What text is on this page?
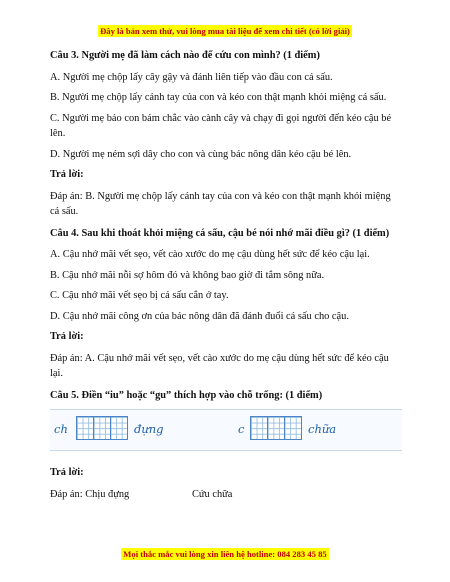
Đây là bản xem thử, vui lòng mua tài liệu để xem chi tiết (có lời giải)
Câu 3. Người mẹ đã làm cách nào để cứu con mình? (1 điểm)
A. Người mẹ chộp lấy cây gậy và đánh liên tiếp vào đầu con cá sấu.
B. Người mẹ chộp lấy cánh tay của con và kéo con thật mạnh khỏi miệng cá sấu.
C. Người mẹ bảo con bám chắc vào cành cây và chạy đi gọi người đến kéo cậu bé lên.
D. Người mẹ ném sợi dây cho con và cùng bác nông dân kéo cậu bé lên.
Trả lời:
Đáp án: B. Người mẹ chộp lấy cánh tay của con và kéo con thật mạnh khỏi miệng cá sấu.
Câu 4. Sau khi thoát khỏi miệng cá sấu, cậu bé nói nhớ mãi điều gì? (1 điểm)
A. Cậu nhớ mãi vết sẹo, vết cào xước do mẹ cậu dùng hết sức để kéo cậu lại.
B. Cậu nhớ mãi nỗi sợ hôm đó và không bao giờ đi tắm sông nữa.
C. Cậu nhớ mãi vết sẹo bị cá sấu cắn ở tay.
D. Cậu nhớ mãi công ơn của bác nông dân đã đánh đuổi cá sấu cho cậu.
Trả lời:
Đáp án: A. Cậu nhớ mãi vết sẹo, vết cào xước do mẹ cậu dùng hết sức để kéo cậu lại.
Câu 5. Điền “iu” hoặc “gu” thích hợp vào chỗ trống: (1 điểm)
ch	đựng	c	chữa
Trả lời:
Đáp án: Chịu đựng	Cứu chữa
Mọi thắc mắc vui lòng xin liên hệ hotline: 084 283 45 85
